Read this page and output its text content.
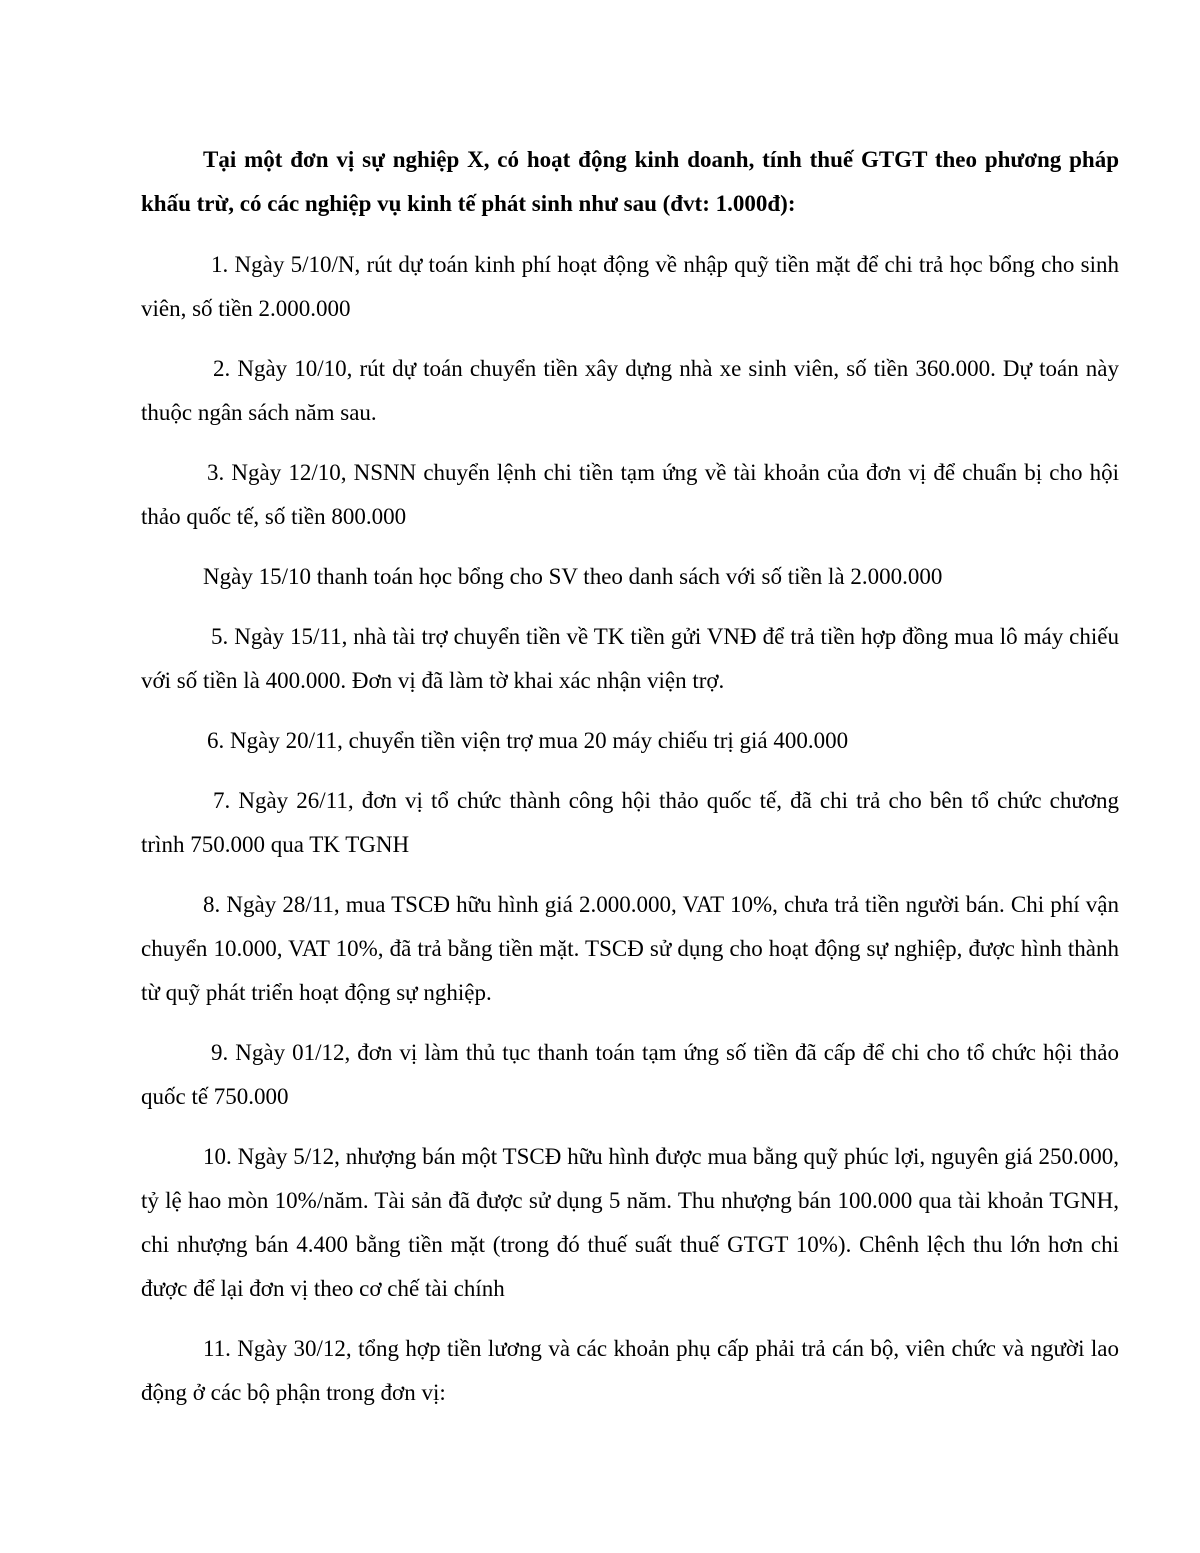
Tại một đơn vị sự nghiệp X, có hoạt động kinh doanh, tính thuế GTGT theo phương pháp khấu trừ, có các nghiệp vụ kinh tế phát sinh như sau (đvt: 1.000đ):

1. Ngày 5/10/N, rút dự toán kinh phí hoạt động về nhập quỹ tiền mặt để chi trả học bổng cho sinh viên, số tiền 2.000.000

2. Ngày 10/10, rút dự toán chuyển tiền xây dựng nhà xe sinh viên, số tiền 360.000. Dự toán này thuộc ngân sách năm sau.

3. Ngày 12/10, NSNN chuyển lệnh chi tiền tạm ứng về tài khoản của đơn vị để chuẩn bị cho hội thảo quốc tế, số tiền 800.000

Ngày 15/10 thanh toán học bổng cho SV theo danh sách với số tiền là 2.000.000

5. Ngày 15/11, nhà tài trợ chuyển tiền về TK tiền gửi VNĐ để trả tiền hợp đồng mua lô máy chiếu với số tiền là 400.000. Đơn vị đã làm tờ khai xác nhận viện trợ.

6. Ngày 20/11, chuyển tiền viện trợ mua 20 máy chiếu trị giá 400.000

7. Ngày 26/11, đơn vị tổ chức thành công hội thảo quốc tế, đã chi trả cho bên tổ chức chương trình 750.000 qua TK TGNH

8. Ngày 28/11, mua TSCĐ hữu hình giá 2.000.000, VAT 10%, chưa trả tiền người bán. Chi phí vận chuyển 10.000, VAT 10%, đã trả bằng tiền mặt. TSCĐ sử dụng cho hoạt động sự nghiệp, được hình thành từ quỹ phát triển hoạt động sự nghiệp.

9. Ngày 01/12, đơn vị làm thủ tục thanh toán tạm ứng số tiền đã cấp để chi cho tổ chức hội thảo quốc tế 750.000

10. Ngày 5/12, nhượng bán một TSCĐ hữu hình được mua bằng quỹ phúc lợi, nguyên giá 250.000, tỷ lệ hao mòn 10%/năm. Tài sản đã được sử dụng 5 năm. Thu nhượng bán 100.000 qua tài khoản TGNH, chi nhượng bán 4.400 bằng tiền mặt (trong đó thuế suất thuế GTGT 10%). Chênh lệch thu lớn hơn chi được để lại đơn vị theo cơ chế tài chính

11. Ngày 30/12, tổng hợp tiền lương và các khoản phụ cấp phải trả cán bộ, viên chức và người lao động ở các bộ phận trong đơn vị:
